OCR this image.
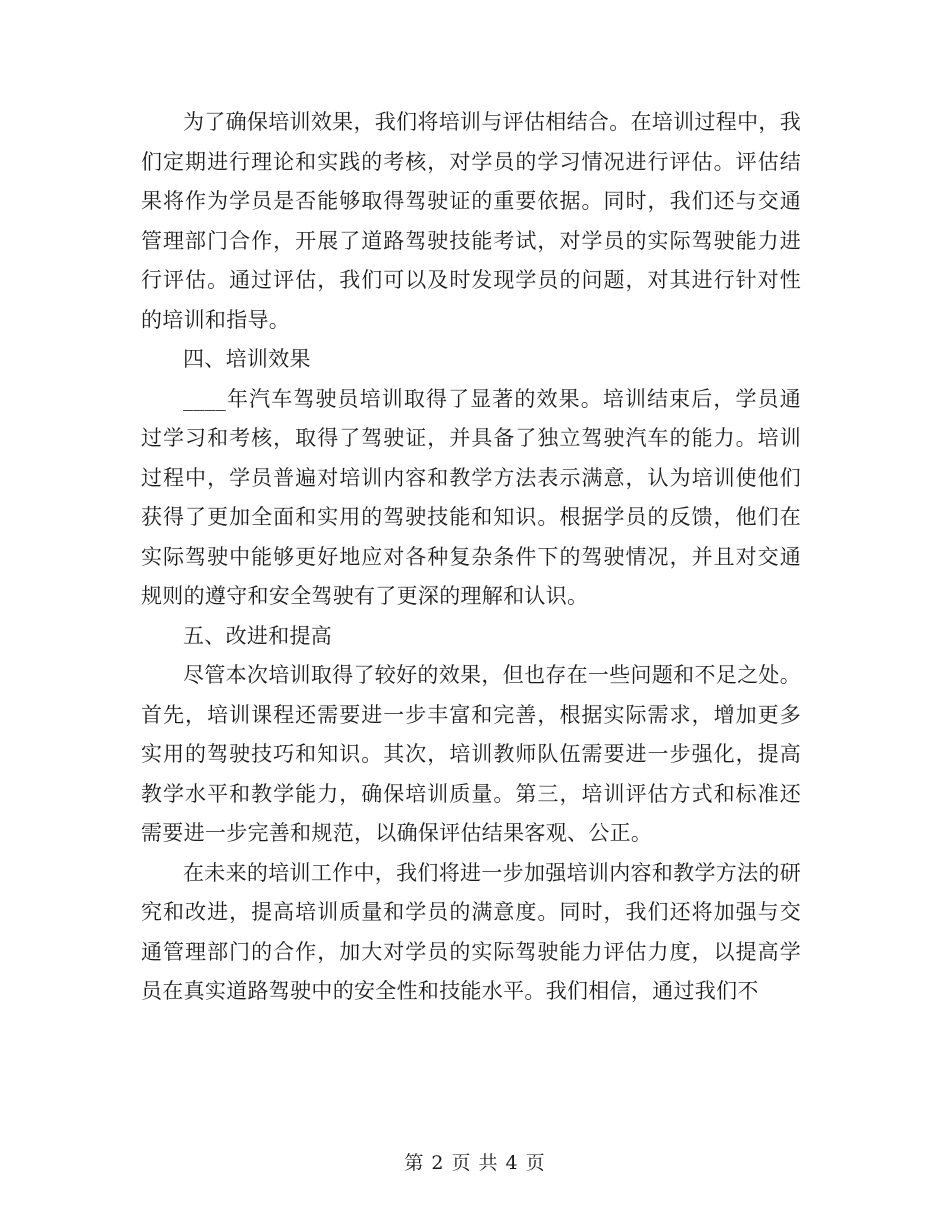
为了确保培训效果，我们将培训与评估相结合。在培训过程中，我们定期进行理论和实践的考核，对学员的学习情况进行评估。评估结果将作为学员是否能够取得驾驶证的重要依据。同时，我们还与交通管理部门合作，开展了道路驾驶技能考试，对学员的实际驾驶能力进行评估。通过评估，我们可以及时发现学员的问题，对其进行针对性的培训和指导。

四、培训效果

____年汽车驾驶员培训取得了显著的效果。培训结束后，学员通过学习和考核，取得了驾驶证，并具备了独立驾驶汽车的能力。培训过程中，学员普遍对培训内容和教学方法表示满意，认为培训使他们获得了更加全面和实用的驾驶技能和知识。根据学员的反馈，他们在实际驾驶中能够更好地应对各种复杂条件下的驾驶情况，并且对交通规则的遵守和安全驾驶有了更深的理解和认识。

五、改进和提高

尽管本次培训取得了较好的效果，但也存在一些问题和不足之处。首先，培训课程还需要进一步丰富和完善，根据实际需求，增加更多实用的驾驶技巧和知识。其次，培训教师队伍需要进一步强化，提高教学水平和教学能力，确保培训质量。第三，培训评估方式和标准还需要进一步完善和规范，以确保评估结果客观、公正。

在未来的培训工作中，我们将进一步加强培训内容和教学方法的研究和改进，提高培训质量和学员的满意度。同时，我们还将加强与交通管理部门的合作，加大对学员的实际驾驶能力评估力度，以提高学员在真实道路驾驶中的安全性和技能水平。我们相信，通过我们不

第 2 页 共 4 页
